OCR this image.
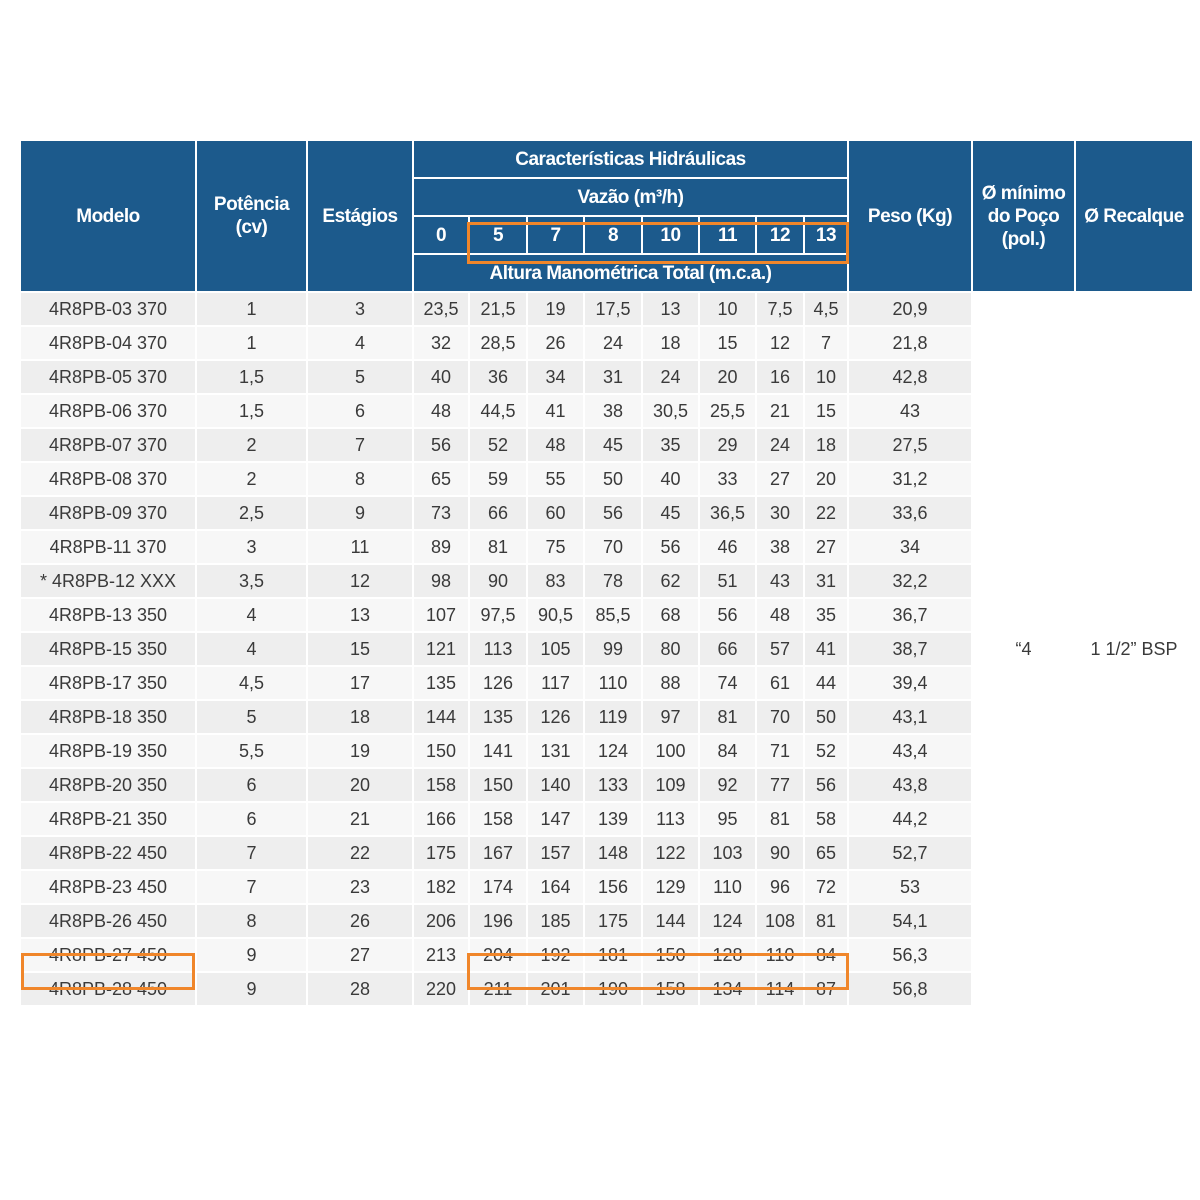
Modelo	Potência (cv)	Estágios	Características Hidráulicas								Peso (Kg)	Ø mínimo do Poço (pol.)	Ø Recalque
			Vazão (m³/h)										
			0	5	7	8	10	11	12	13			
			Altura Manométrica Total (m.c.a.)										
4R8PB-03 370	1	3	23,5	21,5	19	17,5	13	10	7,5	4,5	20,9	“4	1 1/2” BSP
4R8PB-04 370	1	4	32	28,5	26	24	18	15	12	7	21,8		
4R8PB-05 370	1,5	5	40	36	34	31	24	20	16	10	42,8		
4R8PB-06 370	1,5	6	48	44,5	41	38	30,5	25,5	21	15	43		
4R8PB-07 370	2	7	56	52	48	45	35	29	24	18	27,5		
4R8PB-08 370	2	8	65	59	55	50	40	33	27	20	31,2		
4R8PB-09 370	2,5	9	73	66	60	56	45	36,5	30	22	33,6		
4R8PB-11 370	3	11	89	81	75	70	56	46	38	27	34		
* 4R8PB-12 XXX	3,5	12	98	90	83	78	62	51	43	31	32,2		
4R8PB-13 350	4	13	107	97,5	90,5	85,5	68	56	48	35	36,7		
4R8PB-15 350	4	15	121	113	105	99	80	66	57	41	38,7		
4R8PB-17 350	4,5	17	135	126	117	110	88	74	61	44	39,4		
4R8PB-18 350	5	18	144	135	126	119	97	81	70	50	43,1		
4R8PB-19 350	5,5	19	150	141	131	124	100	84	71	52	43,4		
4R8PB-20 350	6	20	158	150	140	133	109	92	77	56	43,8		
4R8PB-21 350	6	21	166	158	147	139	113	95	81	58	44,2		
4R8PB-22 450	7	22	175	167	157	148	122	103	90	65	52,7		
4R8PB-23 450	7	23	182	174	164	156	129	110	96	72	53		
4R8PB-26 450	8	26	206	196	185	175	144	124	108	81	54,1		
4R8PB-27 450	9	27	213	204	192	181	150	128	110	84	56,3		
4R8PB-28 450	9	28	220	211	201	190	158	134	114	87	56,8		
